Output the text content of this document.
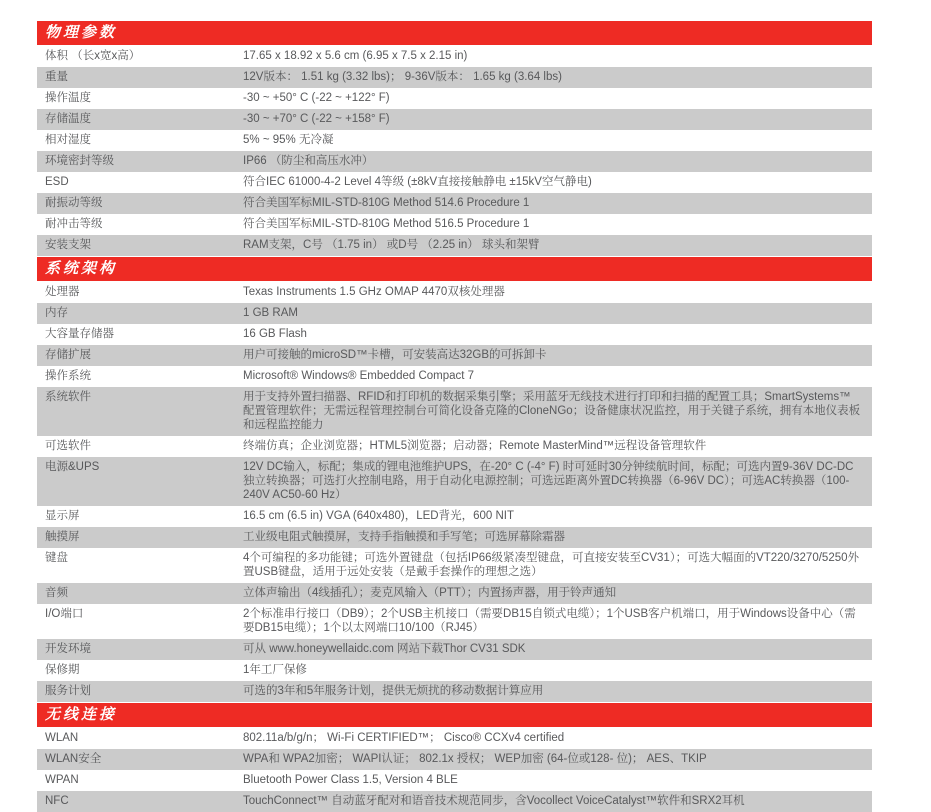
物理参数
体积 （长x宽x高）	17.65 x 18.92 x 5.6 cm (6.95 x 7.5 x 2.15 in)
重量	12V版本： 1.51 kg (3.32 lbs)； 9-36V版本： 1.65 kg (3.64 lbs)
操作温度	-30 ~ +50° C (-22 ~ +122° F)
存储温度	-30 ~ +70° C (-22 ~ +158° F)
相对湿度	5% ~ 95% 无冷凝
环境密封等级	IP66 （防尘和高压水冲）
ESD	符合IEC 61000-4-2 Level 4等级 (±8kV直接接触静电 ±15kV空气静电)
耐振动等级	符合美国军标MIL-STD-810G Method 514.6 Procedure 1
耐冲击等级	符合美国军标MIL-STD-810G Method 516.5 Procedure 1
安装支架	RAM支架，C号 （1.75 in） 或D号 （2.25 in） 球头和架臂
系统架构
处理器	Texas Instruments 1.5 GHz OMAP 4470双核处理器
内存	1 GB RAM
大容量存储器	16 GB Flash
存储扩展	用户可接触的microSD™卡槽，可安装高达32GB的可拆卸卡
操作系统	Microsoft® Windows® Embedded Compact 7
系统软件	用于支持外置扫描器、RFID和打印机的数据采集引擎；采用蓝牙无线技术进行打印和扫描的配置工具；SmartSystems™配置管理软件；无需远程管理控制台可简化设备克隆的CloneNGo；设备健康状况监控，用于关键子系统，拥有本地仪表板和远程监控能力
可选软件	终端仿真；企业浏览器；HTML5浏览器；启动器；Remote MasterMind™远程设备管理软件
电源&UPS	12V DC输入，标配；集成的锂电池维护UPS，在-20° C (-4° F) 时可延时30分钟续航时间，标配；可选内置9-36V DC-DC独立转换器；可选打火控制电路，用于自动化电源控制；可选远距离外置DC转换器（6-96V DC）；可选AC转换器（100-240V AC50-60 Hz）
显示屏	16.5 cm (6.5 in) VGA (640x480)，LED背光，600 NIT
触摸屏	工业级电阻式触摸屏，支持手指触摸和手写笔；可选屏幕除霜器
键盘	4个可编程的多功能键；可选外置键盘（包括IP66级紧凑型键盘，可直接安装至CV31）；可选大幅面的VT220/3270/5250外置USB键盘，适用于远处安装（是戴手套操作的理想之选）
音频	立体声输出（4线插孔）；麦克风输入（PTT）；内置扬声器，用于铃声通知
I/O端口	2个标准串行接口（DB9）；2个USB主机接口（需要DB15自锁式电缆）；1个USB客户机端口，用于Windows设备中心（需要DB15电缆）；1个以太网端口10/100（RJ45）
开发环境	可从 www.honeywellaidc.com 网站下载Thor CV31 SDK
保修期	1年工厂保修
服务计划	可选的3年和5年服务计划，提供无烦扰的移动数据计算应用
无线连接
WLAN	802.11a/b/g/n； Wi-Fi CERTIFIED™； Cisco® CCXv4 certified
WLAN安全	WPA和 WPA2加密； WAPI认证； 802.1x 授权； WEP加密 (64-位或128- 位)； AES、TKIP
WPAN	Bluetooth Power Class 1.5, Version 4 BLE
NFC	TouchConnect™ 自动蓝牙配对和语音技术规范同步，含Vocollect VoiceCatalyst™软件和SRX2耳机
